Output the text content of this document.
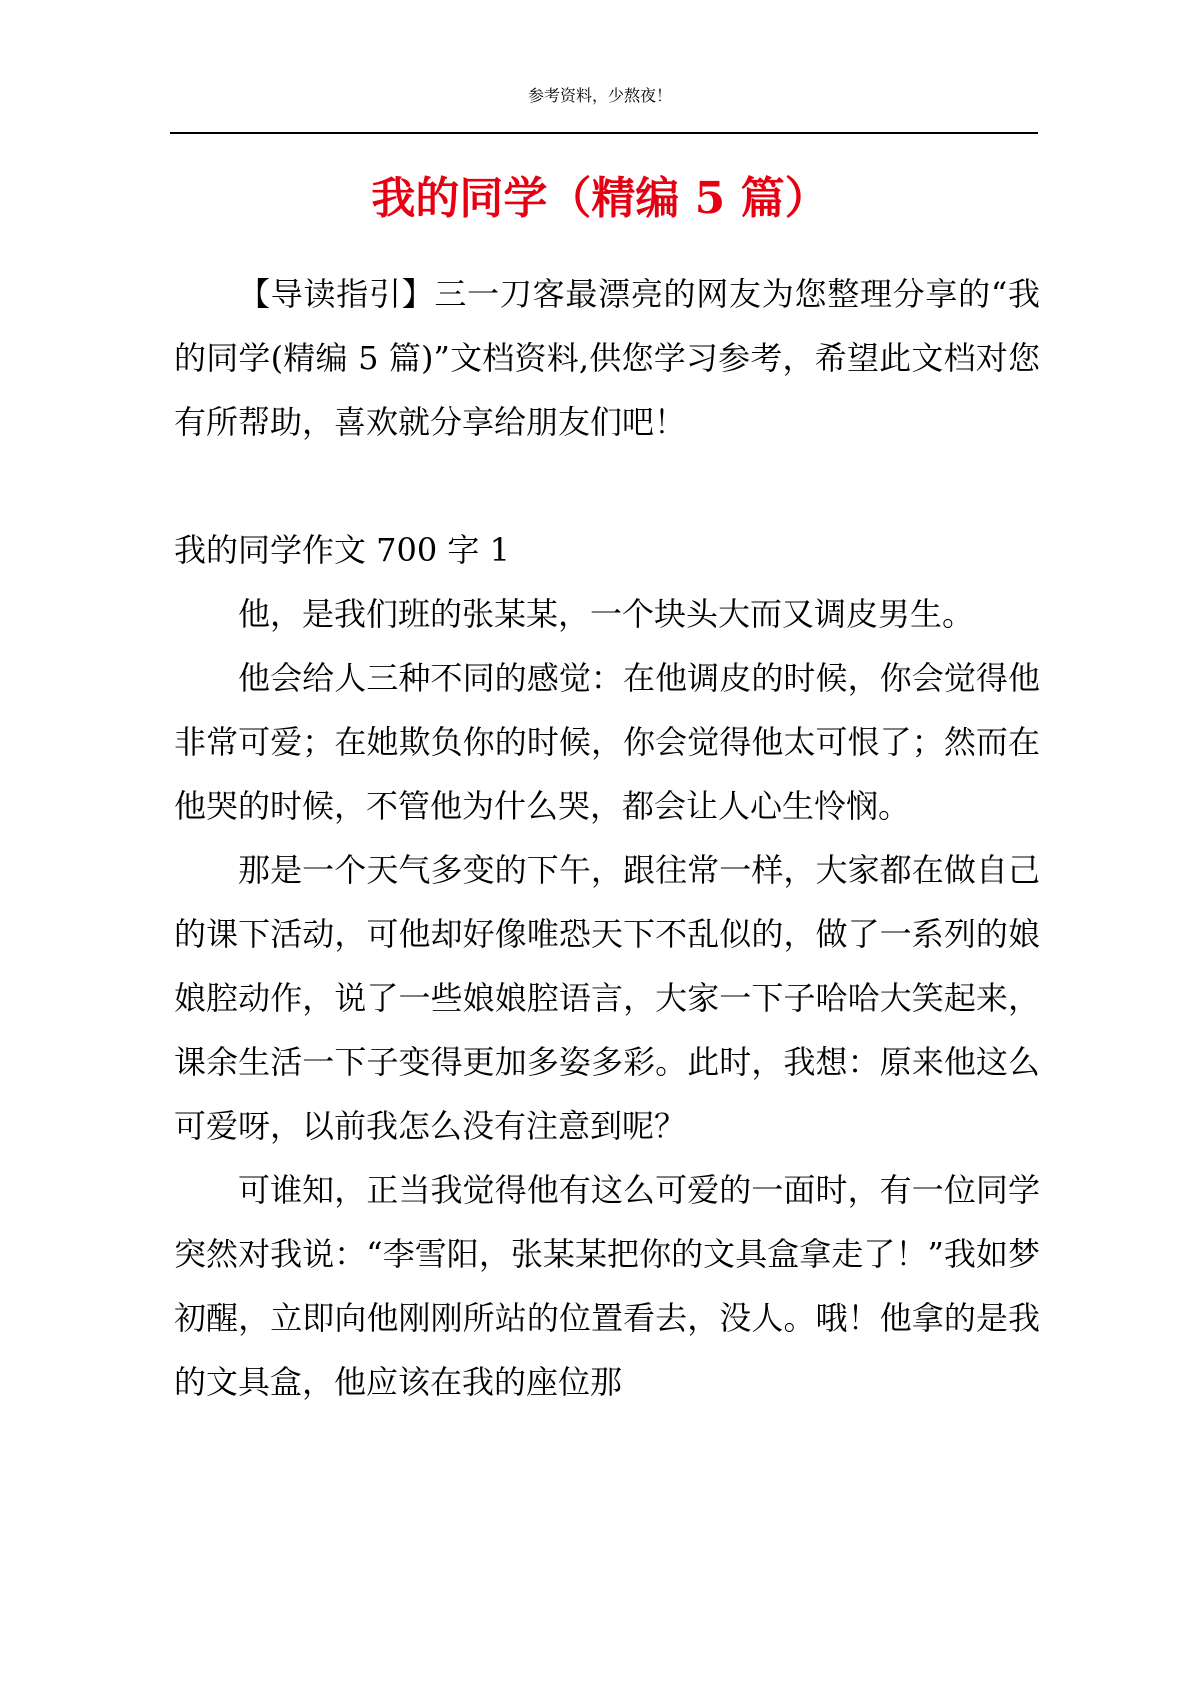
参考资料，少熬夜！
我的同学（精编 5 篇）

【导读指引】三一刀客最漂亮的网友为您整理分享的“我的同学(精编 5 篇)”文档资料,供您学习参考，希望此文档对您有所帮助，喜欢就分享给朋友们吧！

我的同学作文 700 字 1

他，是我们班的张某某，一个块头大而又调皮男生。

他会给人三种不同的感觉：在他调皮的时候，你会觉得他非常可爱；在她欺负你的时候，你会觉得他太可恨了；然而在他哭的时候，不管他为什么哭，都会让人心生怜悯。

那是一个天气多变的下午，跟往常一样，大家都在做自己的课下活动，可他却好像唯恐天下不乱似的，做了一系列的娘娘腔动作，说了一些娘娘腔语言，大家一下子哈哈大笑起来，课余生活一下子变得更加多姿多彩。此时，我想：原来他这么可爱呀，以前我怎么没有注意到呢？

可谁知，正当我觉得他有这么可爱的一面时，有一位同学突然对我说：“李雪阳，张某某把你的文具盒拿走了！”我如梦初醒，立即向他刚刚所站的位置看去，没人。哦！他拿的是我的文具盒，他应该在我的座位那
